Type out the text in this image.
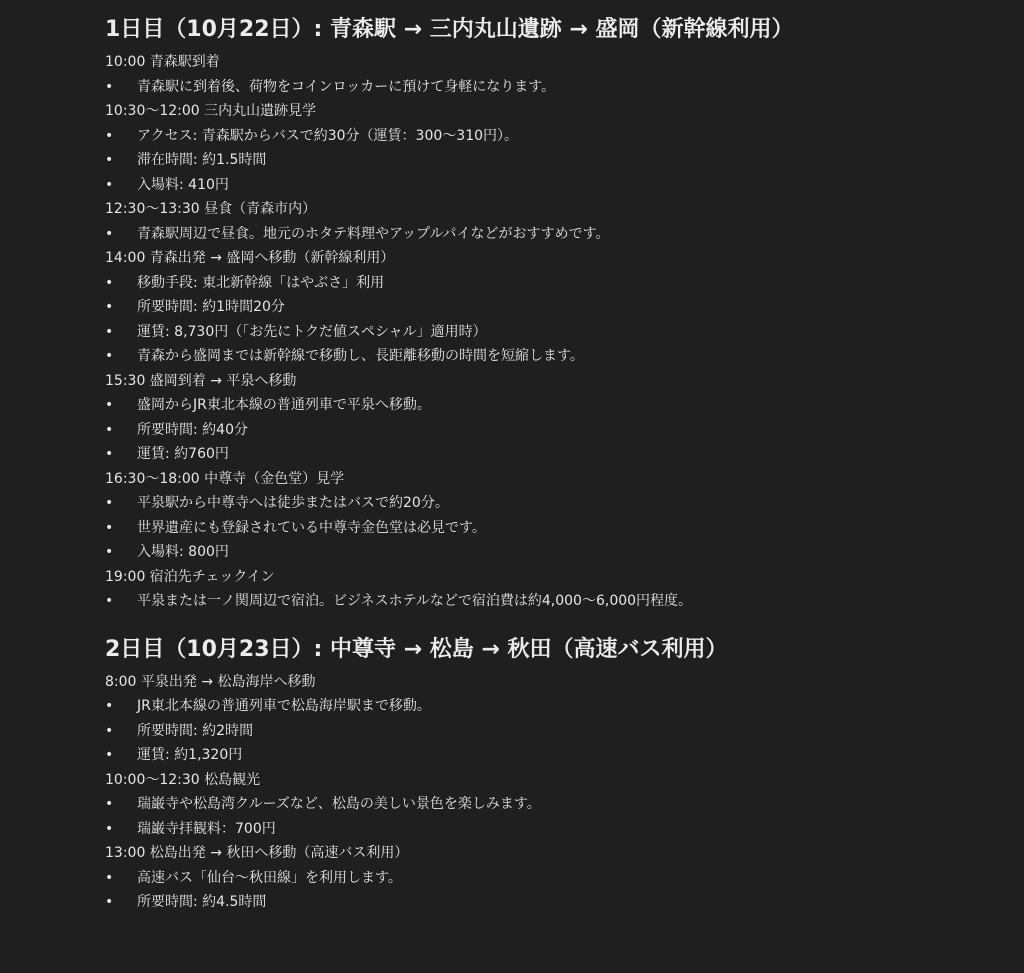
1日目（10月22日）: 青森駅 → 三内丸山遺跡 → 盛岡（新幹線利用）
10:00 青森駅到着
• 青森駅に到着後、荷物をコインロッカーに預けて身軽になります。
10:30〜12:00 三内丸山遺跡見学
• アクセス: 青森駅からバスで約30分（運賃：300〜310円）。
• 滞在時間: 約1.5時間
• 入場料: 410円
12:30〜13:30 昼食（青森市内）
• 青森駅周辺で昼食。地元のホタテ料理やアップルパイなどがおすすめです。
14:00 青森出発 → 盛岡へ移動（新幹線利用）
• 移動手段: 東北新幹線「はやぶさ」利用
• 所要時間: 約1時間20分
• 運賃: 8,730円（「お先にトクだ値スペシャル」適用時）
• 青森から盛岡までは新幹線で移動し、長距離移動の時間を短縮します。
15:30 盛岡到着 → 平泉へ移動
• 盛岡からJR東北本線の普通列車で平泉へ移動。
• 所要時間: 約40分
• 運賃: 約760円
16:30〜18:00 中尊寺（金色堂）見学
• 平泉駅から中尊寺へは徒歩またはバスで約20分。
• 世界遺産にも登録されている中尊寺金色堂は必見です。
• 入場料: 800円
19:00 宿泊先チェックイン
• 平泉または一ノ関周辺で宿泊。ビジネスホテルなどで宿泊費は約4,000〜6,000円程度。
2日目（10月23日）: 中尊寺 → 松島 → 秋田（高速バス利用）
8:00 平泉出発 → 松島海岸へ移動
• JR東北本線の普通列車で松島海岸駅まで移動。
• 所要時間: 約2時間
• 運賃: 約1,320円
10:00〜12:30 松島観光
• 瑞巌寺や松島湾クルーズなど、松島の美しい景色を楽しみます。
• 瑞巌寺拝観料：700円
13:00 松島出発 → 秋田へ移動（高速バス利用）
• 高速バス「仙台〜秋田線」を利用します。
• 所要時間: 約4.5時間
